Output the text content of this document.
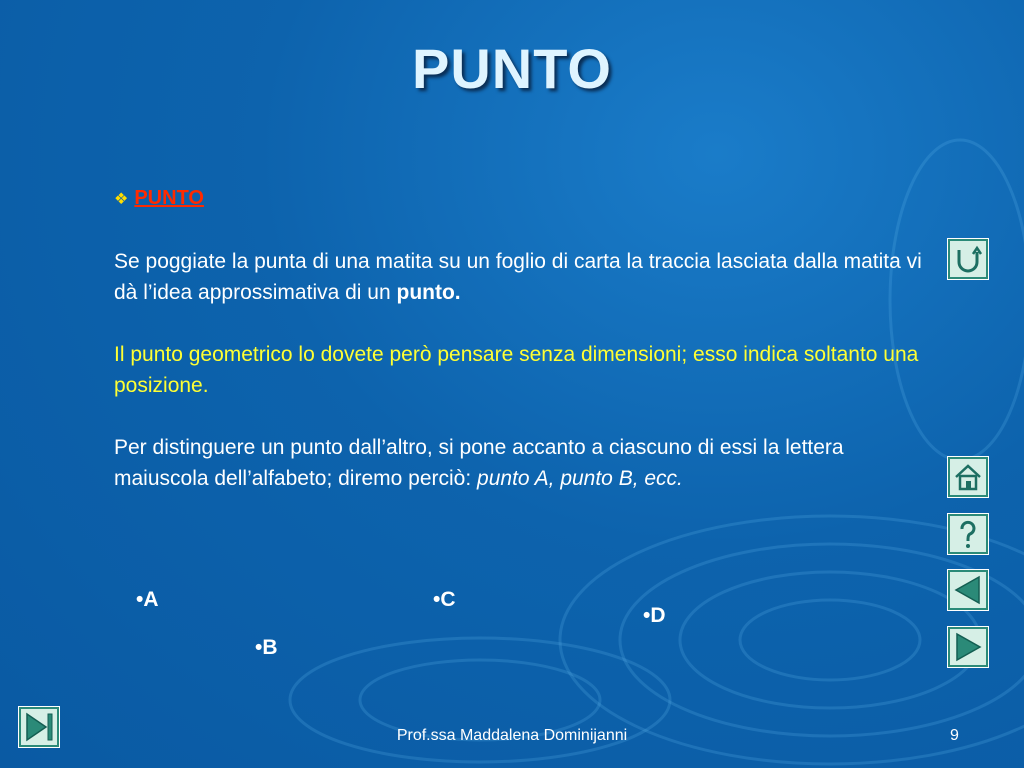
PUNTO
❖ PUNTO
Se poggiate la punta di una matita su un foglio di carta la traccia lasciata dalla matita vi dà l’idea approssimativa di un punto.
Il punto geometrico lo dovete però pensare senza dimensioni; esso indica soltanto una posizione.
Per distinguere un punto dall’altro, si pone accanto a ciascuno di essi la lettera maiuscola dell’alfabeto; diremo perciò: punto A, punto B, ecc.
•A
•B
•C
•D
Prof.ssa Maddalena Dominijanni	9
